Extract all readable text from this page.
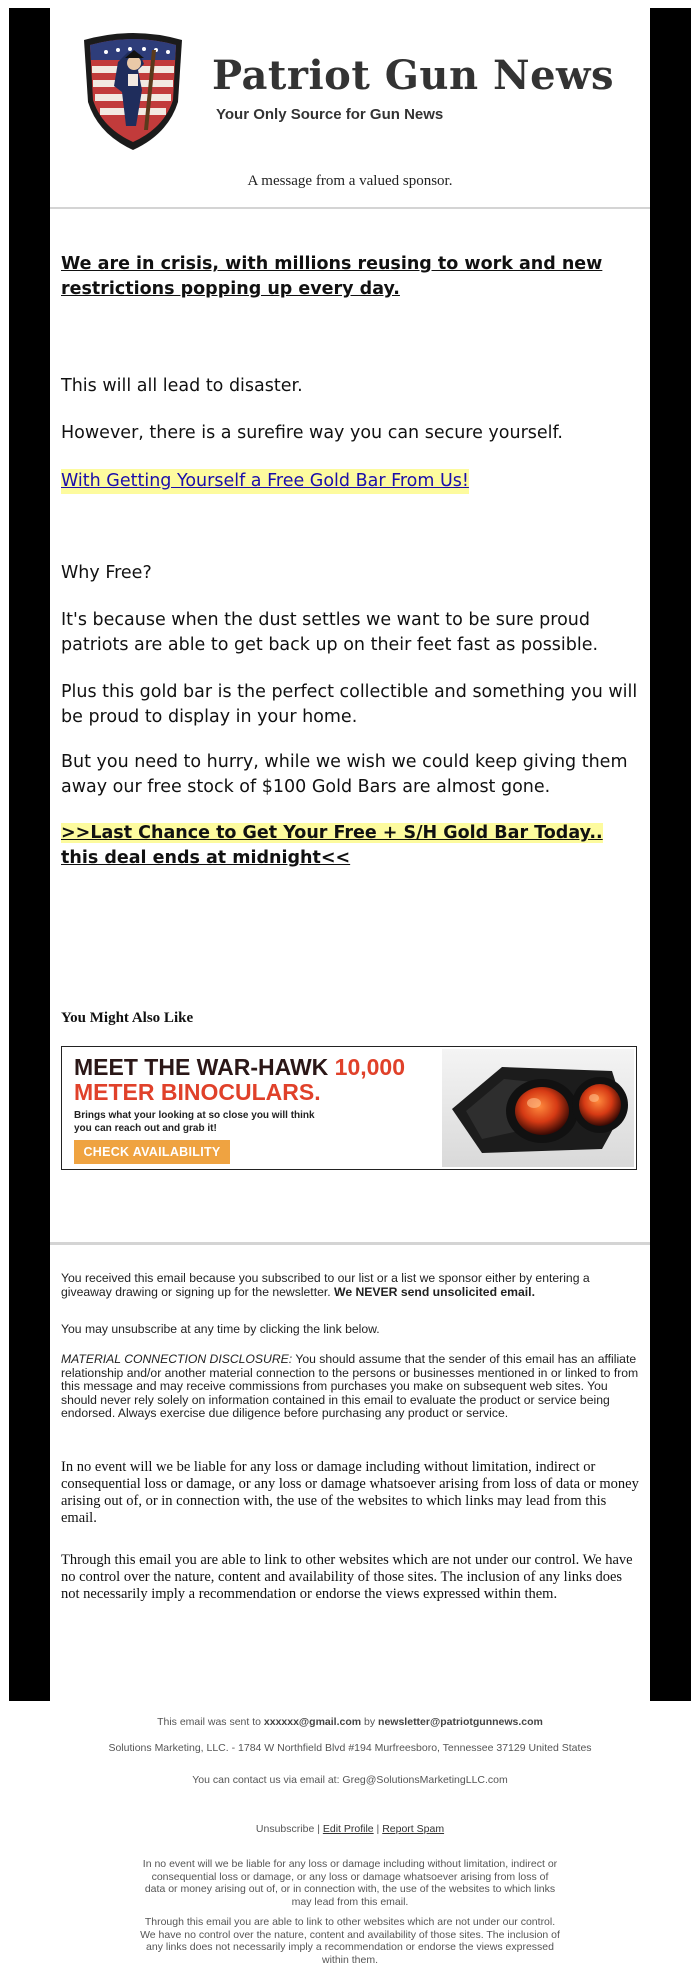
Patriot Gun News
Your Only Source for Gun News
A message from a valued sponsor.
We are in crisis, with millions reusing to work and new restrictions popping up every day.
This will all lead to disaster.
However, there is a surefire way you can secure yourself.
With Getting Yourself a Free Gold Bar From Us!
Why Free?
It's because when the dust settles we want to be sure proud patriots are able to get back up on their feet fast as possible.
Plus this gold bar is the perfect collectible and something you will be proud to display in your home.
But you need to hurry, while we wish we could keep giving them away our free stock of $100 Gold Bars are almost gone.
>>Last Chance to Get Your Free + S/H Gold Bar Today..
this deal ends at midnight<<
You Might Also Like
MEET THE WAR-HAWK 10,000
METER BINOCULARS.
Brings what your looking at so close you will think you can reach out and grab it!
CHECK AVAILABILITY
You received this email because you subscribed to our list or a list we sponsor either by entering a giveaway drawing or signing up for the newsletter. We NEVER send unsolicited email.
You may unsubscribe at any time by clicking the link below.
MATERIAL CONNECTION DISCLOSURE: You should assume that the sender of this email has an affiliate relationship and/or another material connection to the persons or businesses mentioned in or linked to from this message and may receive commissions from purchases you make on subsequent web sites. You should never rely solely on information contained in this email to evaluate the product or service being endorsed. Always exercise due diligence before purchasing any product or service.
In no event will we be liable for any loss or damage including without limitation, indirect or consequential loss or damage, or any loss or damage whatsoever arising from loss of data or money arising out of, or in connection with, the use of the websites to which links may lead from this email.
Through this email you are able to link to other websites which are not under our control. We have no control over the nature, content and availability of those sites. The inclusion of any links does not necessarily imply a recommendation or endorse the views expressed within them.
This email was sent to xxxxxx@gmail.com by newsletter@patriotgunnews.com
Solutions Marketing, LLC. - 1784 W Northfield Blvd #194 Murfreesboro, Tennessee 37129 United States
You can contact us via email at: Greg@SolutionsMarketingLLC.com
Unsubscribe | Edit Profile | Report Spam
In no event will we be liable for any loss or damage including without limitation, indirect or consequential loss or damage, or any loss or damage whatsoever arising from loss of data or money arising out of, or in connection with, the use of the websites to which links may lead from this email.
Through this email you are able to link to other websites which are not under our control. We have no control over the nature, content and availability of those sites. The inclusion of any links does not necessarily imply a recommendation or endorse the views expressed within them.
